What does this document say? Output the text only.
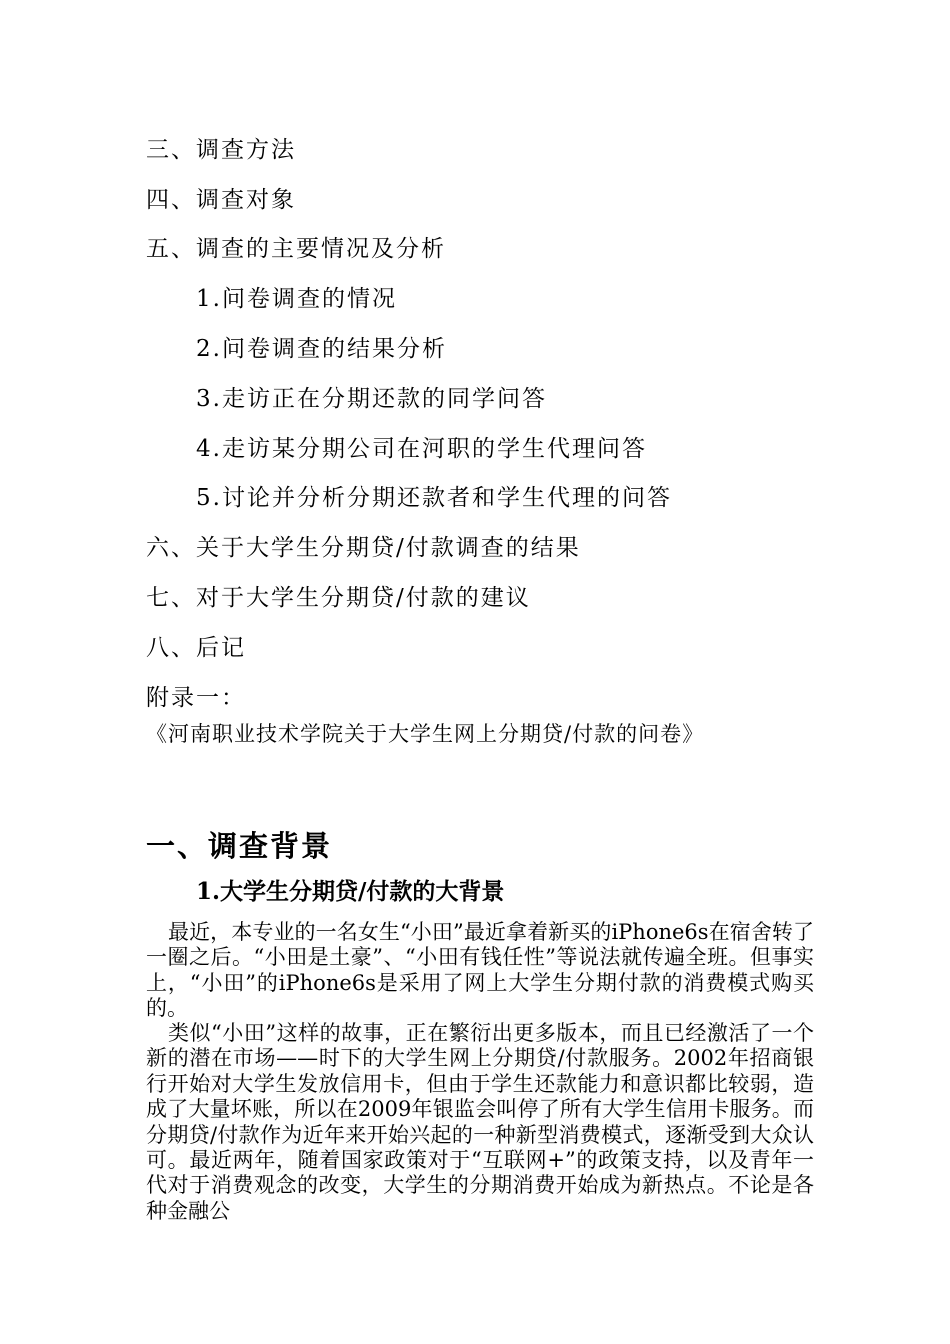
三、调查方法
四、调查对象
五、调查的主要情况及分析
1.问卷调查的情况
2.问卷调查的结果分析
3.走访正在分期还款的同学问答
4.走访某分期公司在河职的学生代理问答
5.讨论并分析分期还款者和学生代理的问答
六、关于大学生分期贷/付款调查的结果
七、对于大学生分期贷/付款的建议
八、后记
附录一：
《河南职业技术学院关于大学生网上分期贷/付款的问卷》
一、调查背景
1.大学生分期贷/付款的大背景

最近，本专业的一名女生“小田”最近拿着新买的iPhone6s在宿舍转了一圈之后。“小田是土豪”、“小田有钱任性”等说法就传遍全班。但事实上，“小田”的iPhone6s是采用了网上大学生分期付款的消费模式购买的。

类似“小田”这样的故事，正在繁衍出更多版本，而且已经激活了一个新的潜在市场——时下的大学生网上分期贷/付款服务。2002年招商银行开始对大学生发放信用卡，但由于学生还款能力和意识都比较弱，造成了大量坏账，所以在2009年银监会叫停了所有大学生信用卡服务。而分期贷/付款作为近年来开始兴起的一种新型消费模式，逐渐受到大众认可。最近两年，随着国家政策对于“互联网+”的政策支持，以及青年一代对于消费观念的改变，大学生的分期消费开始成为新热点。不论是各种金融公
